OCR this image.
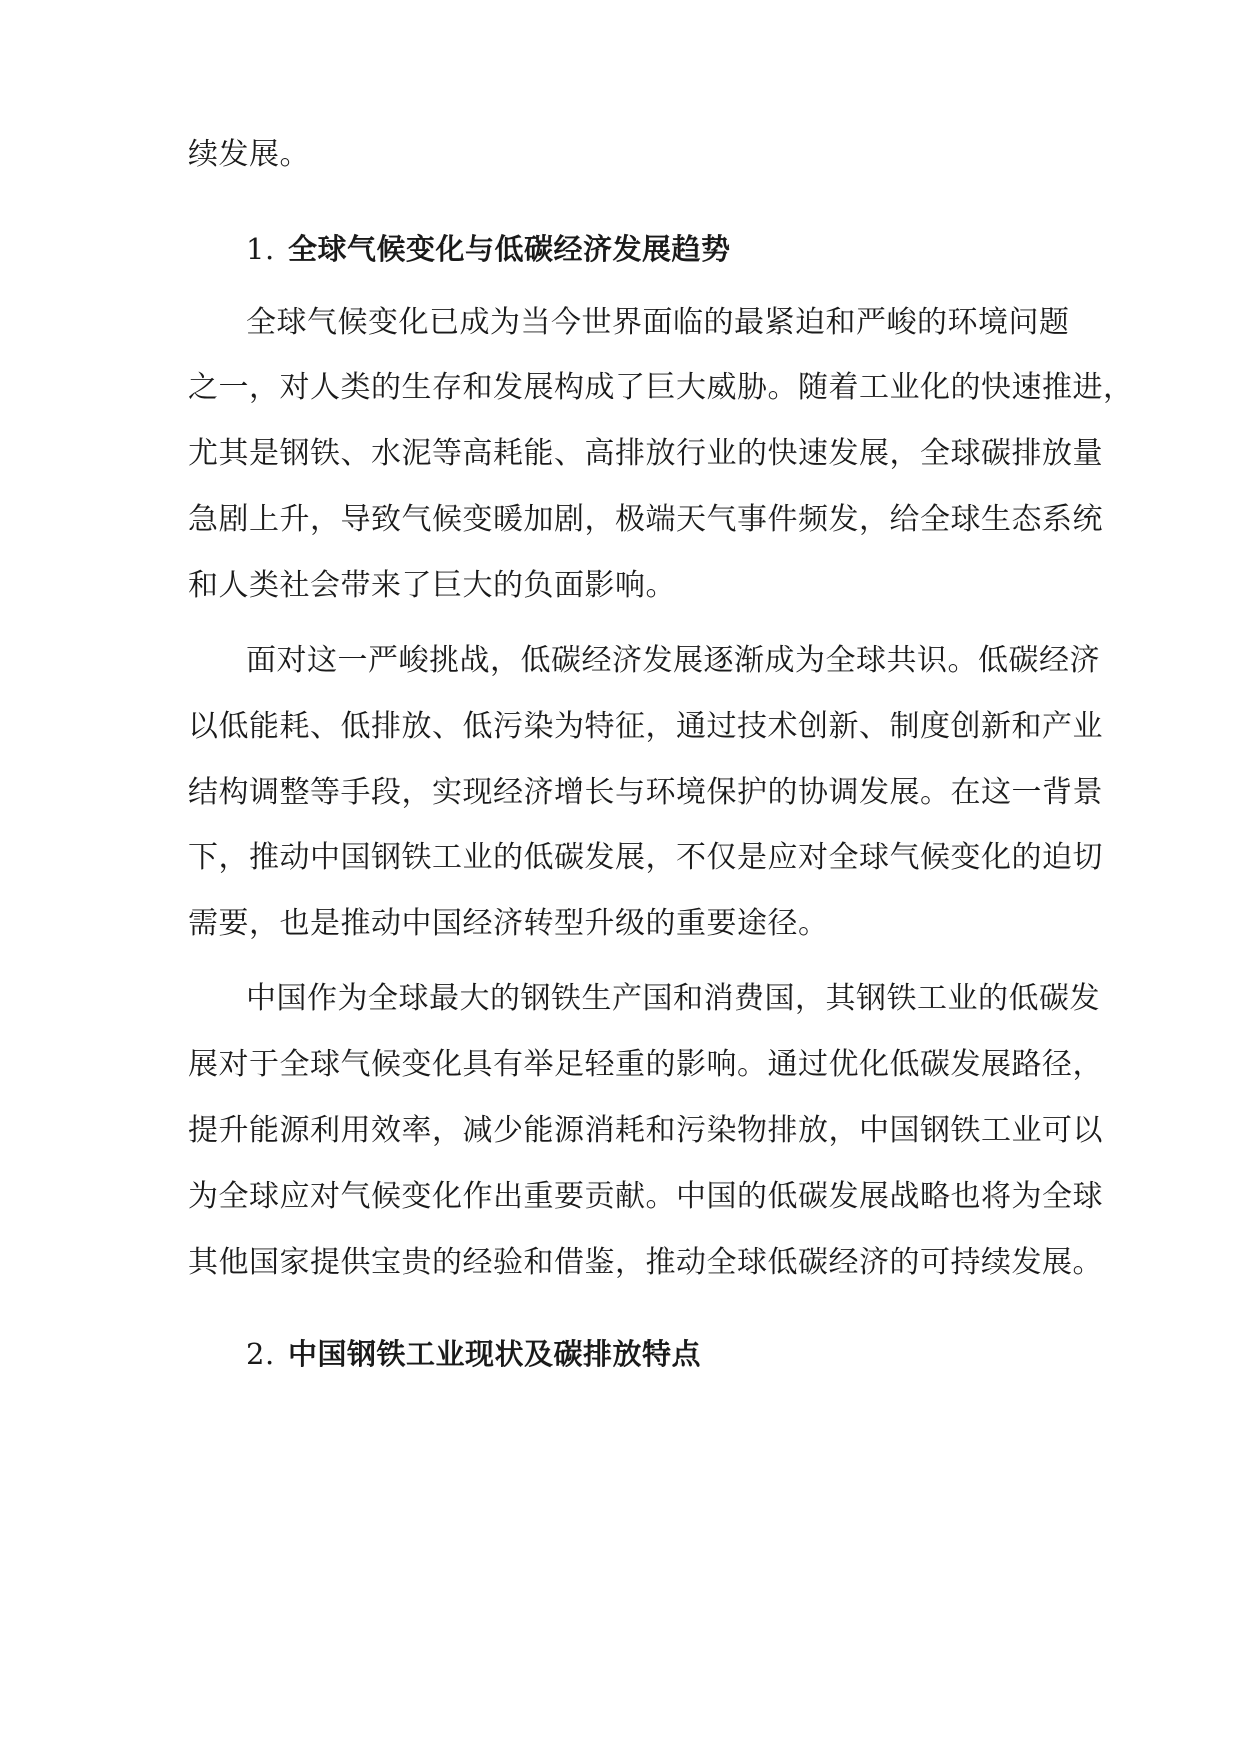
续发展。
1. 全球气候变化与低碳经济发展趋势
全球气候变化已成为当今世界面临的最紧迫和严峻的环境问题
之一，对人类的生存和发展构成了巨大威胁。随着工业化的快速推进，
尤其是钢铁、水泥等高耗能、高排放行业的快速发展，全球碳排放量
急剧上升，导致气候变暖加剧，极端天气事件频发，给全球生态系统
和人类社会带来了巨大的负面影响。
面对这一严峻挑战，低碳经济发展逐渐成为全球共识。低碳经济
以低能耗、低排放、低污染为特征，通过技术创新、制度创新和产业
结构调整等手段，实现经济增长与环境保护的协调发展。在这一背景
下，推动中国钢铁工业的低碳发展，不仅是应对全球气候变化的迫切
需要，也是推动中国经济转型升级的重要途径。
中国作为全球最大的钢铁生产国和消费国，其钢铁工业的低碳发
展对于全球气候变化具有举足轻重的影响。通过优化低碳发展路径，
提升能源利用效率，减少能源消耗和污染物排放，中国钢铁工业可以
为全球应对气候变化作出重要贡献。中国的低碳发展战略也将为全球
其他国家提供宝贵的经验和借鉴，推动全球低碳经济的可持续发展。
2. 中国钢铁工业现状及碳排放特点
